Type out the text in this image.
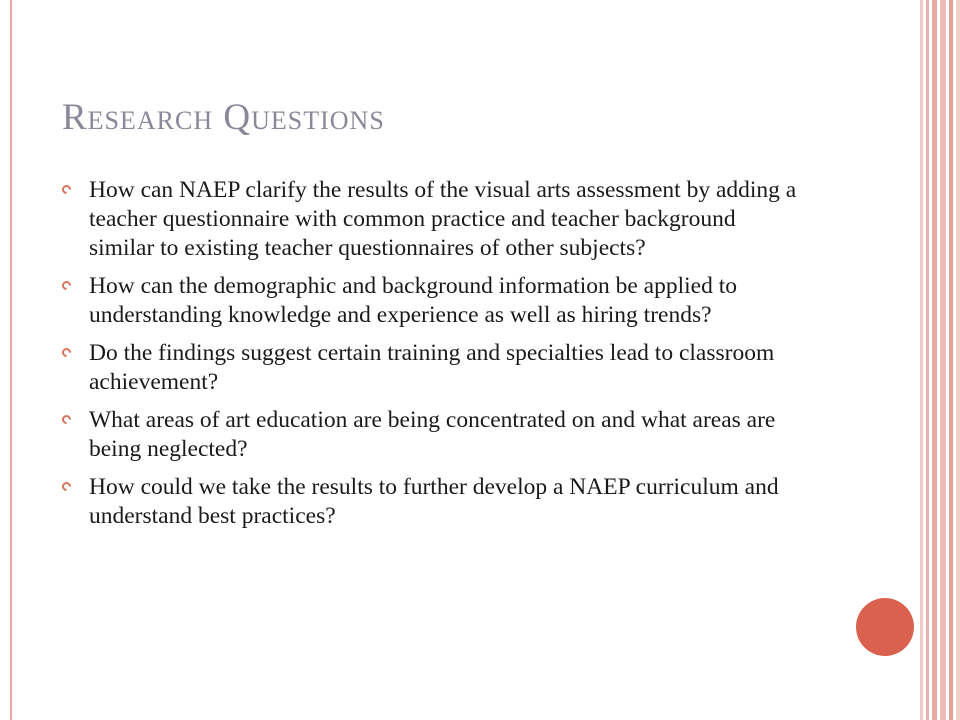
Research Questions
How can NAEP clarify the results of the visual arts assessment by adding a teacher questionnaire with common practice and teacher background similar to existing teacher questionnaires of other subjects?
How can the demographic and background information be applied to understanding knowledge and experience as well as hiring trends?
Do the findings suggest certain training and specialties lead to classroom achievement?
What areas of art education are being concentrated on and what areas are being neglected?
How could we take the results to further develop a NAEP curriculum and understand best practices?
